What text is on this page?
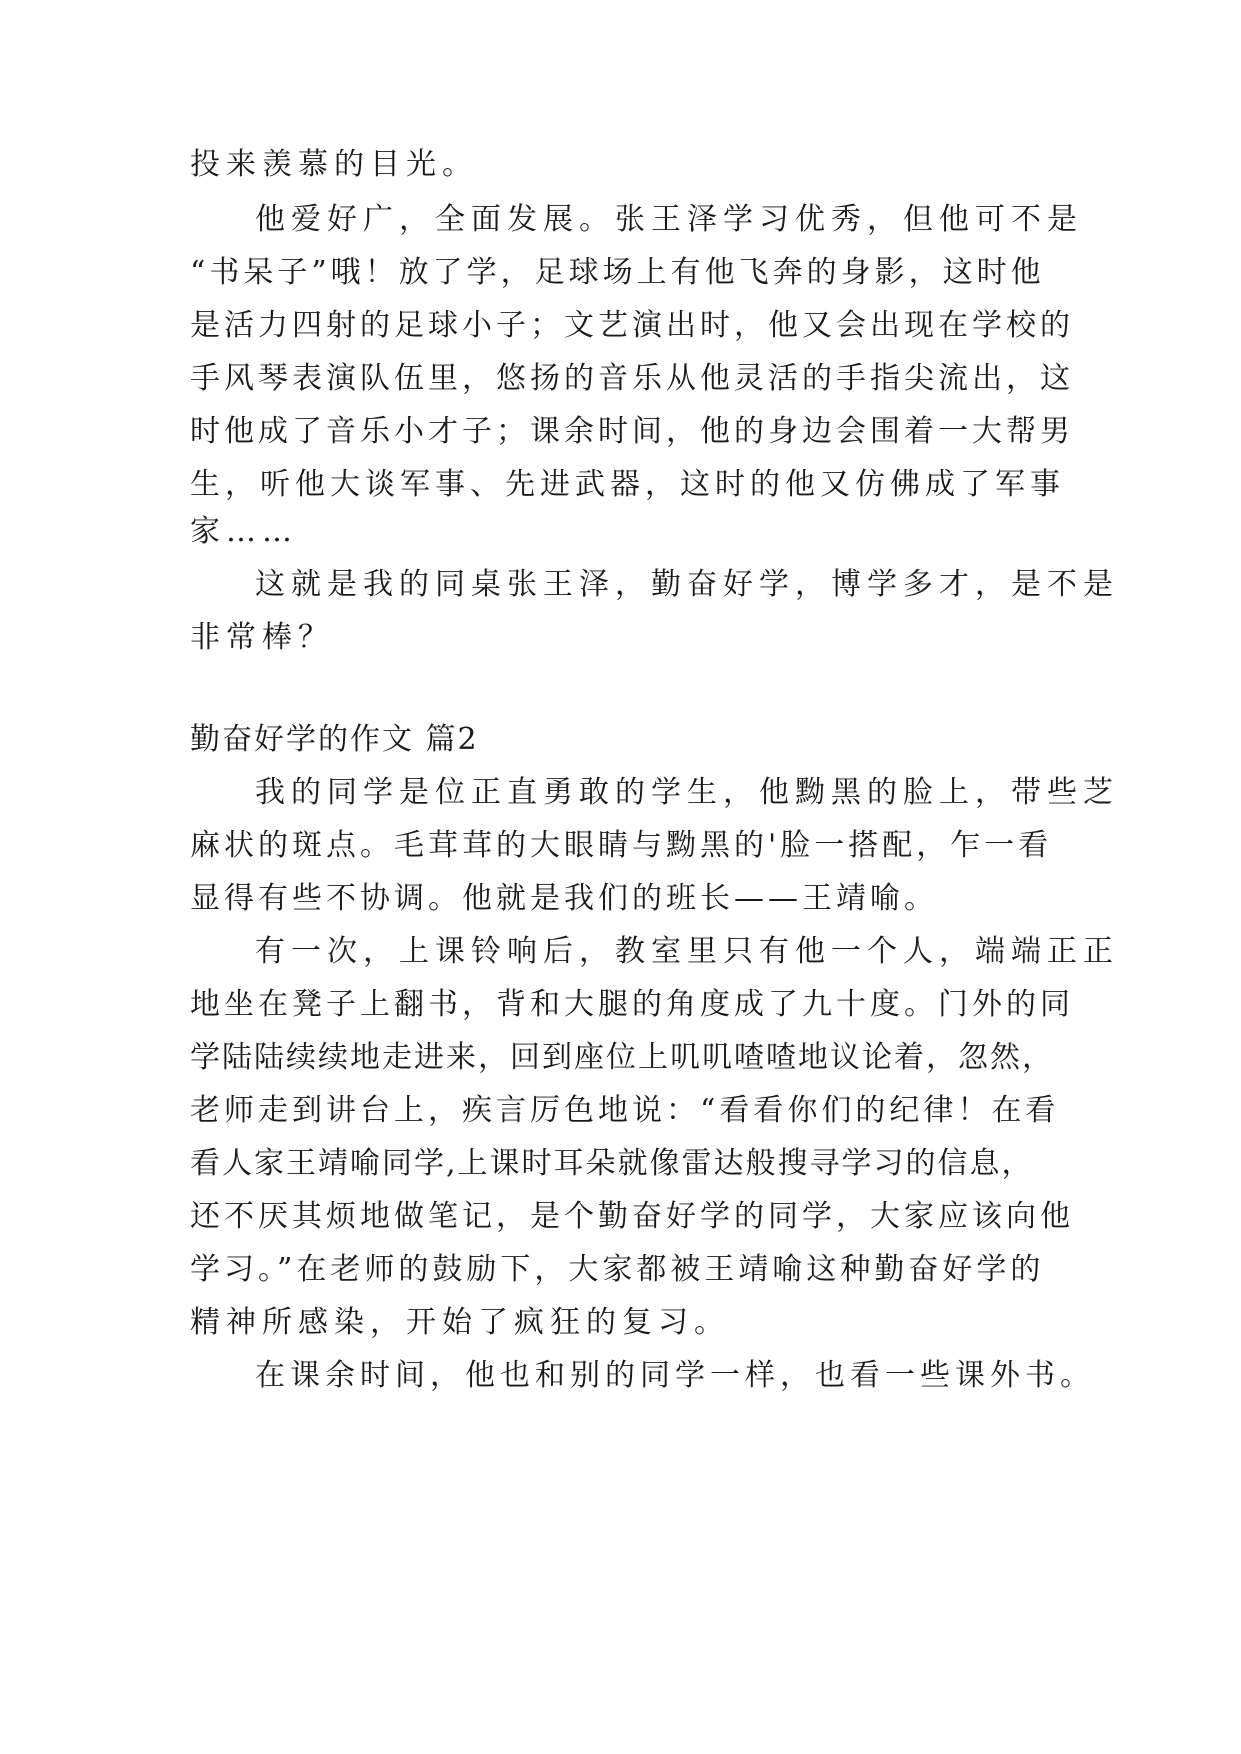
投来羡慕的目光。
他爱好广，全面发展。张王泽学习优秀，但他可不是
“书呆子”哦！放了学，足球场上有他飞奔的身影，这时他
是活力四射的足球小子；文艺演出时，他又会出现在学校的
手风琴表演队伍里，悠扬的音乐从他灵活的手指尖流出，这
时他成了音乐小才子；课余时间，他的身边会围着一大帮男
生，听他大谈军事、先进武器，这时的他又仿佛成了军事
家……
这就是我的同桌张王泽，勤奋好学，博学多才，是不是
非常棒？
勤奋好学的作文 篇2
我的同学是位正直勇敢的学生，他黝黑的脸上，带些芝
麻状的斑点。毛茸茸的大眼睛与黝黑的'脸一搭配，乍一看
显得有些不协调。他就是我们的班长——王靖喻。
有一次，上课铃响后，教室里只有他一个人，端端正正
地坐在凳子上翻书，背和大腿的角度成了九十度。门外的同
学陆陆续续地走进来，回到座位上叽叽喳喳地议论着，忽然，
老师走到讲台上，疾言厉色地说：“看看你们的纪律！在看
看人家王靖喻同学,上课时耳朵就像雷达般搜寻学习的信息，
还不厌其烦地做笔记，是个勤奋好学的同学，大家应该向他
学习。”在老师的鼓励下，大家都被王靖喻这种勤奋好学的
精神所感染，开始了疯狂的复习。
在课余时间，他也和别的同学一样，也看一些课外书。
